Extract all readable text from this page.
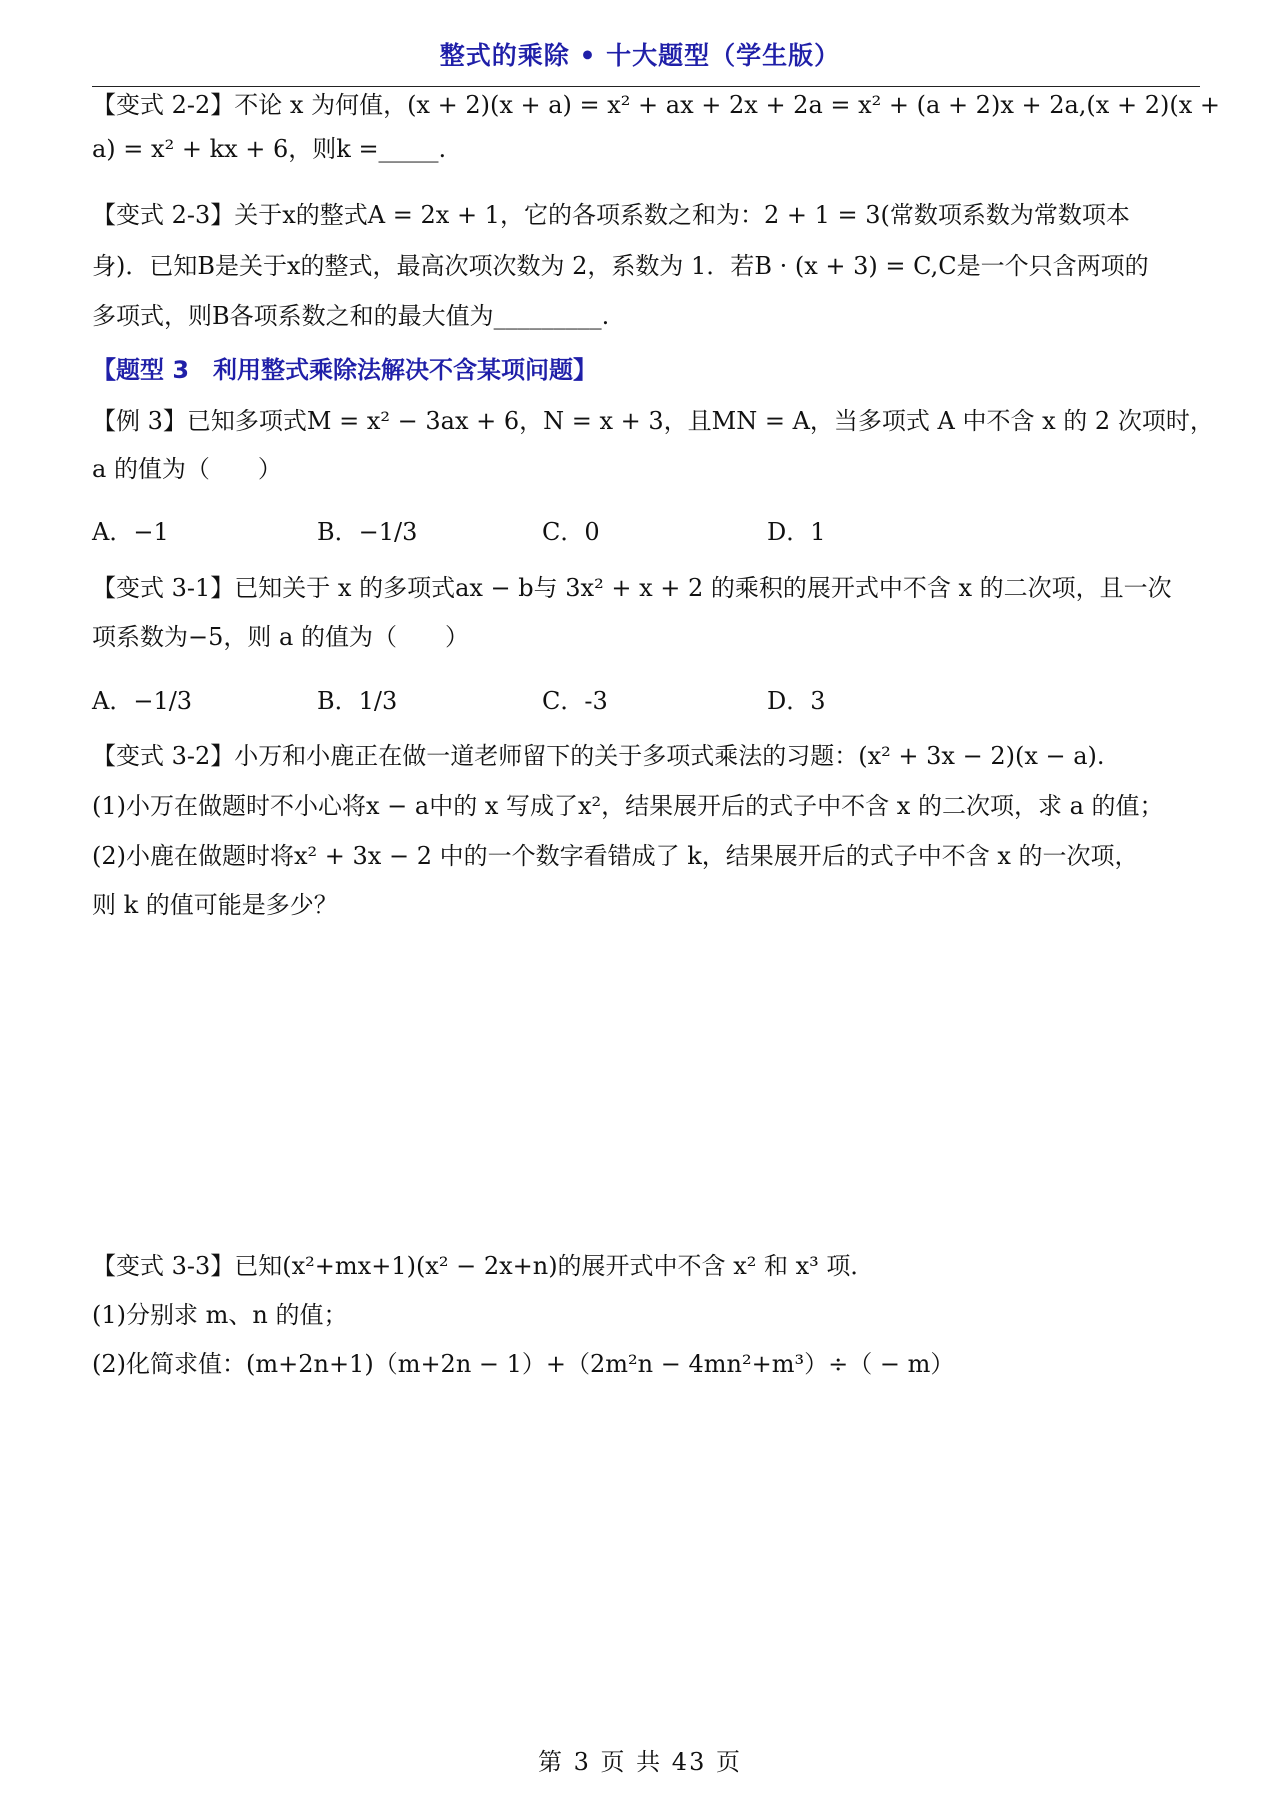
整式的乘除 • 十大题型（学生版）
【变式 2-2】不论 x 为何值，(x + 2)(x + a) = x² + ax + 2x + 2a = x² + (a + 2)x + 2a,(x + 2)(x +
a) = x² + kx + 6，则k =_____.
【变式 2-3】关于x的整式A = 2x + 1，它的各项系数之和为：2 + 1 = 3(常数项系数为常数项本
身)．已知B是关于x的整式，最高次项次数为 2，系数为 1．若B · (x + 3) = C,C是一个只含两项的
多项式，则B各项系数之和的最大值为_________.
【题型 3　利用整式乘除法解决不含某项问题】
【例 3】已知多项式M = x² − 3ax + 6，N = x + 3，且MN = A，当多项式 A 中不含 x 的 2 次项时，
a 的值为（　　）
A．−1	B．−1/3	C．0	D．1
【变式 3-1】已知关于 x 的多项式ax − b与 3x² + x + 2 的乘积的展开式中不含 x 的二次项，且一次
项系数为−5，则 a 的值为（　　）
A．−1/3	B．1/3	C．-3	D．3
【变式 3-2】小万和小鹿正在做一道老师留下的关于多项式乘法的习题：(x² + 3x − 2)(x − a).
(1)小万在做题时不小心将x − a中的 x 写成了x²，结果展开后的式子中不含 x 的二次项，求 a 的值；
(2)小鹿在做题时将x² + 3x − 2 中的一个数字看错成了 k，结果展开后的式子中不含 x 的一次项，
则 k 的值可能是多少？
【变式 3-3】已知(x²+mx+1)(x² − 2x+n)的展开式中不含 x² 和 x³ 项．
(1)分别求 m、n 的值；
(2)化简求值：(m+2n+1)（m+2n − 1）+（2m²n − 4mn²+m³）÷（ − m）
第 3 页 共 43 页
